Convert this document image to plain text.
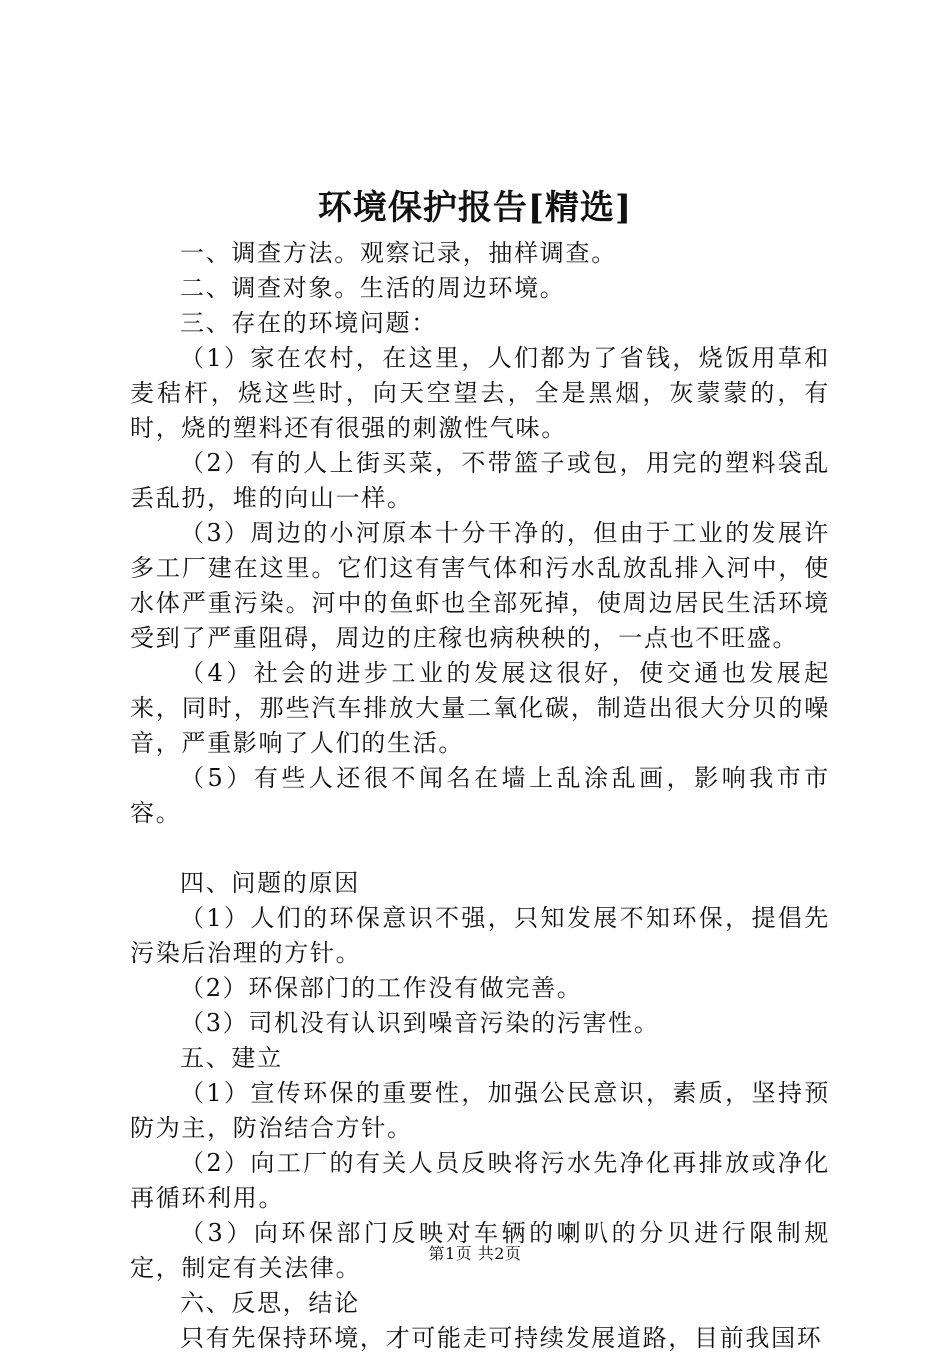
环境保护报告[精选]

一、调查方法。观察记录，抽样调查。

二、调查对象。生活的周边环境。

三、存在的环境问题：

（1）家在农村，在这里，人们都为了省钱，烧饭用草和麦秸杆，烧这些时，向天空望去，全是黑烟，灰蒙蒙的，有时，烧的塑料还有很强的刺激性气味。

（2）有的人上街买菜，不带篮子或包，用完的塑料袋乱丢乱扔，堆的向山一样。

（3）周边的小河原本十分干净的，但由于工业的发展许多工厂建在这里。它们这有害气体和污水乱放乱排入河中，使水体严重污染。河中的鱼虾也全部死掉，使周边居民生活环境受到了严重阻碍，周边的庄稼也病秧秧的，一点也不旺盛。

（4）社会的进步工业的发展这很好，使交通也发展起来，同时，那些汽车排放大量二氧化碳，制造出很大分贝的噪音，严重影响了人们的生活。

（5）有些人还很不闻名在墙上乱涂乱画，影响我市市容。

四、问题的原因

（1）人们的环保意识不强，只知发展不知环保，提倡先污染后治理的方针。

（2）环保部门的工作没有做完善。

（3）司机没有认识到噪音污染的污害性。

五、建立

（1）宣传环保的重要性，加强公民意识，素质，坚持预防为主，防治结合方针。

（2）向工厂的有关人员反映将污水先净化再排放或净化再循环利用。

（3）向环保部门反映对车辆的喇叭的分贝进行限制规定，制定有关法律。

六、反思，结论

只有先保持环境，才可能走可持续发展道路，目前我国环

第1页 共2页
